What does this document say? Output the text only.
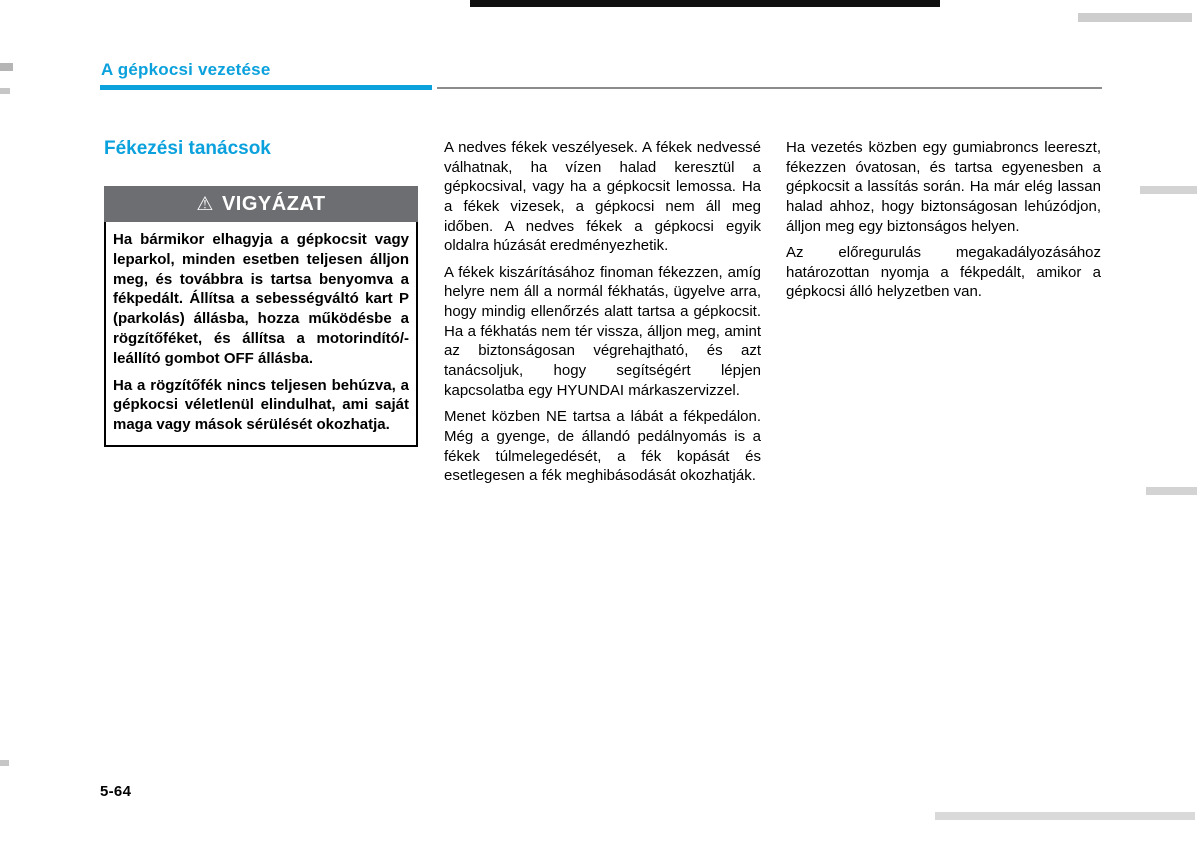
A gépkocsi vezetése
Fékezési tanácsok
⚠ VIGYÁZAT

Ha bármikor elhagyja a gépkocsit vagy leparkol, minden esetben teljesen álljon meg, és továbbra is tartsa benyomva a fékpedált. Állítsa a sebességváltó kart P (parkolás) állásba, hozza működésbe a rögzítőféket, és állítsa a motorindító/-leállító gombot OFF állásba.

Ha a rögzítőfék nincs teljesen behúzva, a gépkocsi véletlenül elindulhat, ami saját maga vagy mások sérülését okozhatja.

A nedves fékek veszélyesek. A fékek nedvessé válhatnak, ha vízen halad keresztül a gépkocsival, vagy ha a gépkocsit lemossa. Ha a fékek vizesek, a gépkocsi nem áll meg időben. A nedves fékek a gépkocsi egyik oldalra húzását eredményezhetik.

A fékek kiszárításához finoman fékezzen, amíg helyre nem áll a normál fékhatás, ügyelve arra, hogy mindig ellenőrzés alatt tartsa a gépkocsit. Ha a fékhatás nem tér vissza, álljon meg, amint az biztonságosan végrehajtható, és azt tanácsoljuk, hogy segítségért lépjen kapcsolatba egy HYUNDAI márkaszervizzel.

Menet közben NE tartsa a lábát a fékpedálon. Még a gyenge, de állandó pedálnyomás is a fékek túlmelegedését, a fék kopását és esetlegesen a fék meghibásodását okozhatják.

Ha vezetés közben egy gumiabroncs leereszt, fékezzen óvatosan, és tartsa egyenesben a gépkocsit a lassítás során. Ha már elég lassan halad ahhoz, hogy biztonságosan lehúzódjon, álljon meg egy biztonságos helyen.

Az előregurulás megakadályozásához határozottan nyomja a fékpedált, amikor a gépkocsi álló helyzetben van.

5-64
